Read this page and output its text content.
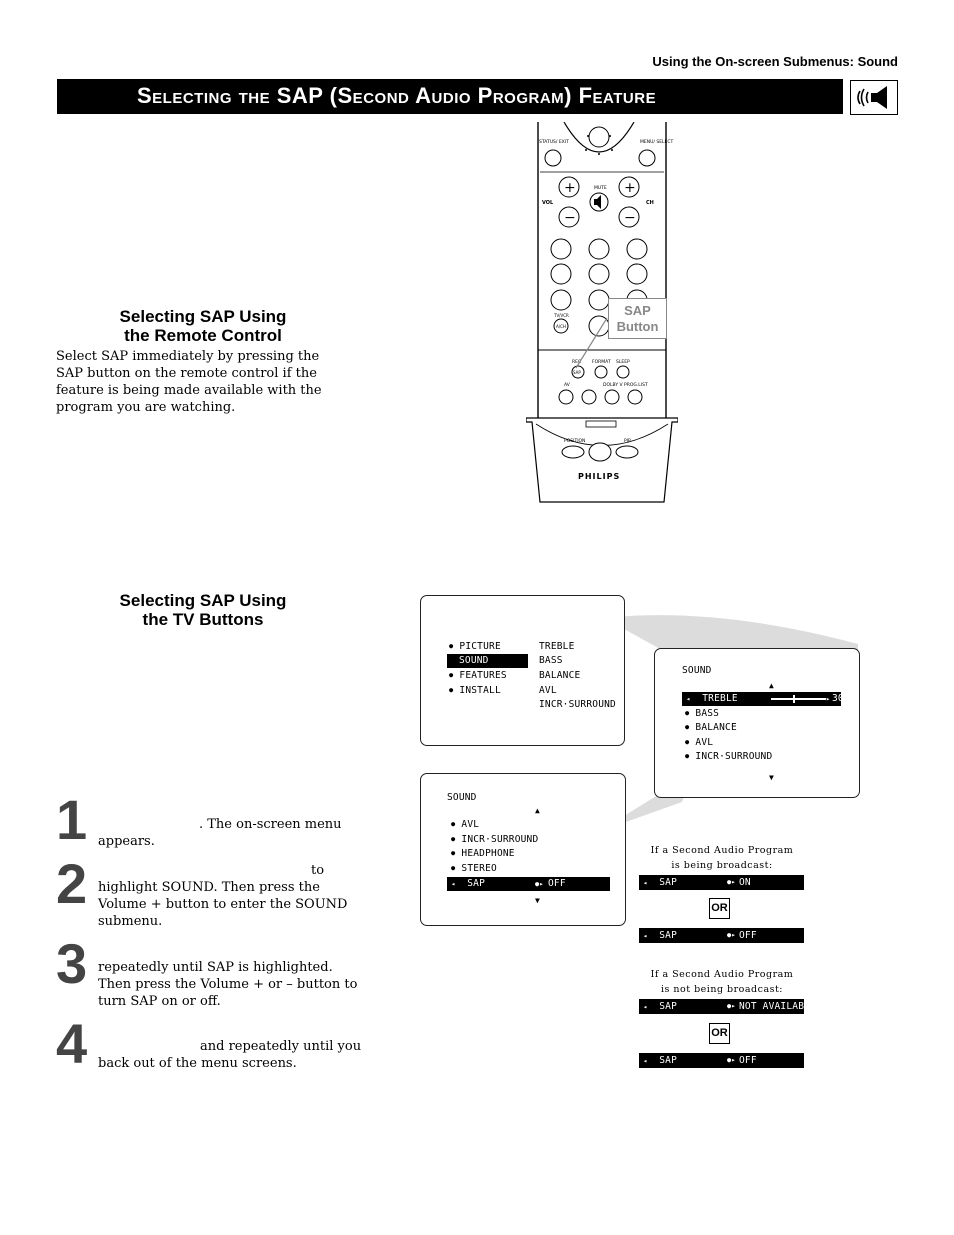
Using the On-screen Submenus: Sound
Selecting the SAP (Second Audio Program) Feature
Selecting SAP Using
the Remote Control
Select SAP immediately by pressing the SAP button on the remote control if the feature is being made available with the program you are watching.
STATUS/ EXIT	MENU/ SELECT
+
−
+
−
MUTE
VOL	CH
TV/VCR
A/CH
REC FORMAT SLEEP
SAP
AV	DOLBY V PROG.LIST
POSITION	PIP
PHILIPS
SAP
Button
Selecting SAP Using
the TV Buttons
1	. The on-screen menu
appears.
2	to
highlight SOUND. Then press the
Volume + button to enter the SOUND
submenu.
3 repeatedly until SAP is highlighted.
Then press the Volume + or – button to
turn SAP on or off.
4	and repeatedly until you
back out of the menu screens.
● PICTURE
SOUND
● FEATURES
● INSTALL
TREBLE
BASS
BALANCE
AVL
INCR·SURROUND
SOUND
▲
◂ TREBLE	▸ 30
● BASS
● BALANCE
● AVL
● INCR·SURROUND
▼
SOUND
▲
● AVL
● INCR·SURROUND
● HEADPHONE
● STEREO
◂ SAP	●▸ OFF
▼
If a Second Audio Program
is being broadcast:
◂ SAP	●▸ ON
OR
◂ SAP	●▸ OFF
If a Second Audio Program
is not being broadcast:
◂ SAP	●▸ NOT AVAILABLE
OR
◂ SAP	●▸ OFF
